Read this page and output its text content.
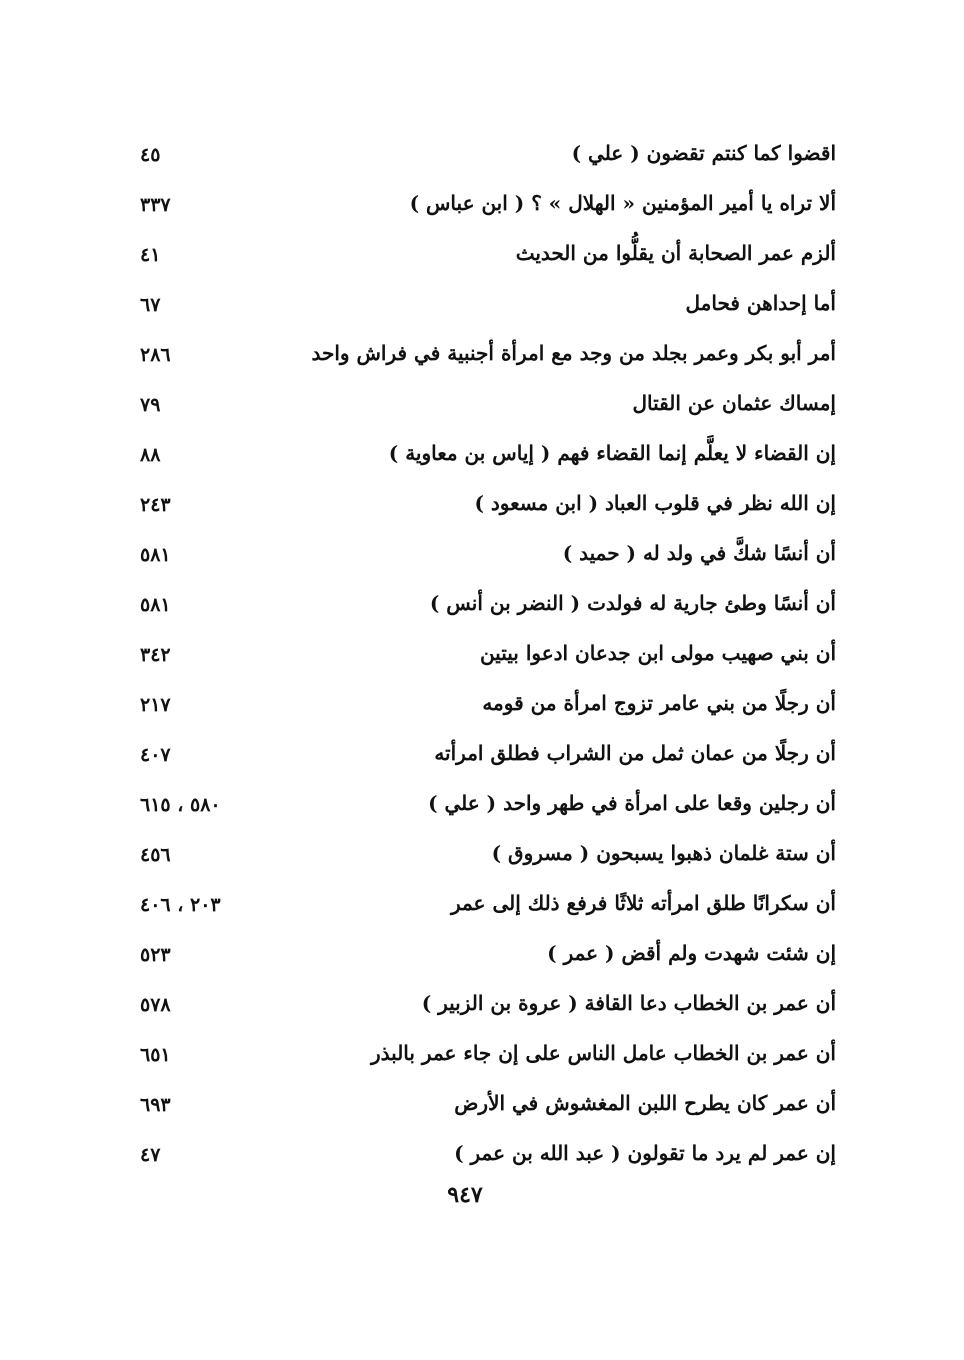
اقضوا كما كنتم تقضون ( علي )
٤٥
ألا تراه يا أمير المؤمنين « الهلال » ؟ ( ابن عباس )
٣٣٧
ألزم عمر الصحابة أن يقلُّوا من الحديث
٤١
أما إحداهن فحامل
٦٧
أمر أبو بكر وعمر بجلد من وجد مع امرأة أجنبية في فراش واحد
٢٨٦
إمساك عثمان عن القتال
٧٩
إن القضاء لا يعلَّم إنما القضاء فهم ( إياس بن معاوية )
٨٨
إن الله نظر في قلوب العباد ( ابن مسعود )
٢٤٣
أن أنسًا شكَّ في ولد له ( حميد )
٥٨١
أن أنسًا وطئ جارية له فولدت ( النضر بن أنس )
٥٨١
أن بني صهيب مولى ابن جدعان ادعوا بيتين
٣٤٢
أن رجلًا من بني عامر تزوج امرأة من قومه
٢١٧
أن رجلًا من عمان ثمل من الشراب فطلق امرأته
٤٠٧
أن رجلين وقعا على امرأة في طهر واحد ( علي )
٥٨٠ ، ٦١٥
أن ستة غلمان ذهبوا يسبحون ( مسروق )
٤٥٦
أن سكرانًا طلق امرأته ثلاثًا فرفع ذلك إلى عمر
٢٠٣ ، ٤٠٦
إن شئت شهدت ولم أقض ( عمر )
٥٢٣
أن عمر بن الخطاب دعا القافة ( عروة بن الزبير )
٥٧٨
أن عمر بن الخطاب عامل الناس على إن جاء عمر بالبذر
٦٥١
أن عمر كان يطرح اللبن المغشوش في الأرض
٦٩٣
إن عمر لم يرد ما تقولون ( عبد الله بن عمر )
٤٧
٩٤٧
